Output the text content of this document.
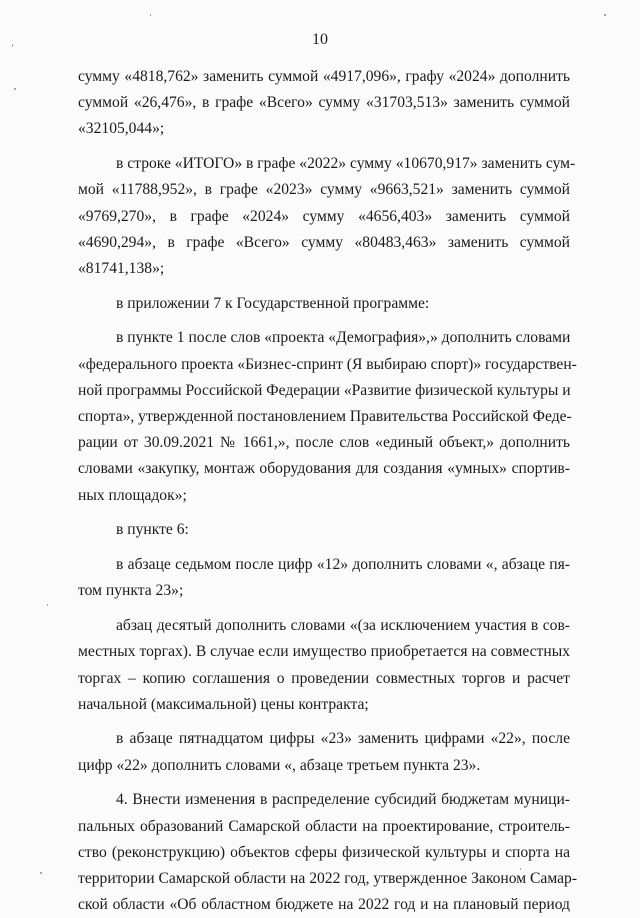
10
сумму «4818,762» заменить суммой «4917,096», графу «2024» дополнить
суммой «26,476», в графе «Всего» сумму «31703,513» заменить суммой
«32105,044»;
в строке «ИТОГО» в графе «2022» сумму «10670,917» заменить сум-
мой «11788,952», в графе «2023» сумму «9663,521» заменить суммой
«9769,270», в графе «2024» сумму «4656,403» заменить суммой
«4690,294», в графе «Всего» сумму «80483,463» заменить суммой
«81741,138»;
в приложении 7 к Государственной программе:
в пункте 1 после слов «проекта «Демография»,» дополнить словами
«федерального проекта «Бизнес-спринт (Я выбираю спорт)» государствен-
ной программы Российской Федерации «Развитие физической культуры и
спорта», утвержденной постановлением Правительства Российской Феде-
рации от 30.09.2021 № 1661,», после слов «единый объект,» дополнить
словами «закупку, монтаж оборудования для создания «умных» спортив-
ных площадок»;
в пункте 6:
в абзаце седьмом после цифр «12» дополнить словами «, абзаце пя-
том пункта 23»;
абзац десятый дополнить словами «(за исключением участия в сов-
местных торгах). В случае если имущество приобретается на совместных
торгах – копию соглашения о проведении совместных торгов и расчет
начальной (максимальной) цены контракта;
в абзаце пятнадцатом цифры «23» заменить цифрами «22», после
цифр «22» дополнить словами «, абзаце третьем пункта 23».
4. Внести изменения в распределение субсидий бюджетам муници-
пальных образований Самарской области на проектирование, строитель-
ство (реконструкцию) объектов сферы физической культуры и спорта на
территории Самарской области на 2022 год, утвержденное Законом Самар-
ской области «Об областном бюджете на 2022 год и на плановый период
